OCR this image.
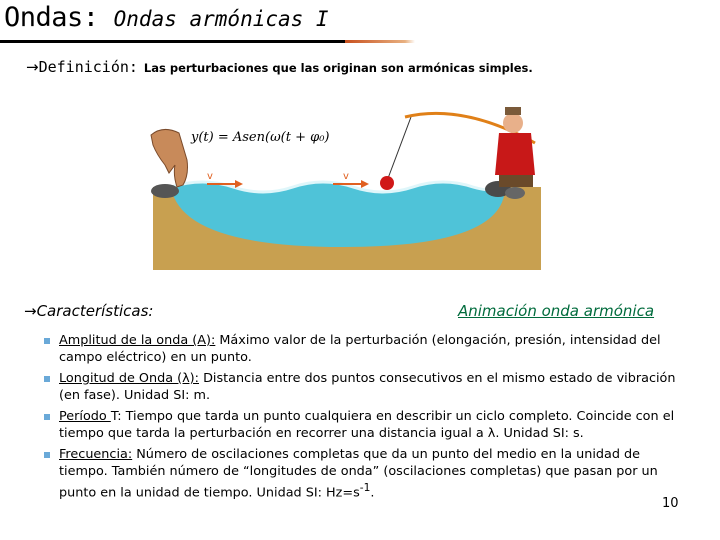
Ondas: Ondas armónicas I
→Definición: Las perturbaciones que las originan son armónicas simples.
v	v
y(t) = Asen(ω(t + φ₀)
→Características:	Animación onda armónica
Amplitud de la onda (A): Máximo valor de la perturbación (elongación, presión, intensidad del campo eléctrico) en un punto.
Longitud de Onda (λ): Distancia entre dos puntos consecutivos en el mismo estado de vibración (en fase). Unidad SI: m.
Período T: Tiempo que tarda un punto cualquiera en describir un ciclo completo. Coincide con el tiempo que tarda la perturbación en recorrer una distancia igual a λ. Unidad SI: s.
Frecuencia: Número de oscilaciones completas que da un punto del medio en la unidad de tiempo. También número de “longitudes de onda” (oscilaciones completas) que pasan por un punto en la unidad de tiempo. Unidad SI: $Hz=s^{-1}$.
10
